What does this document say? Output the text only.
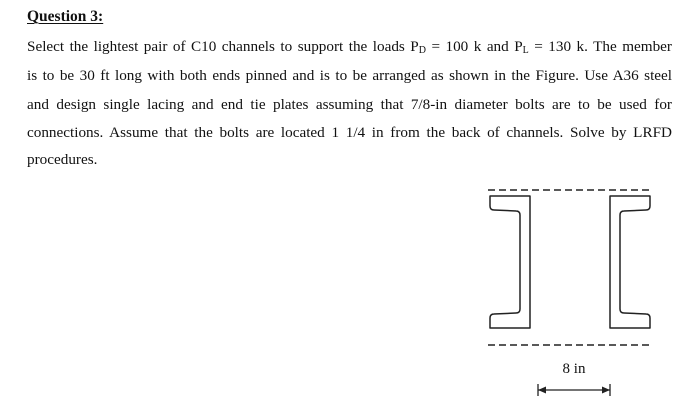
Question 3:
Select the lightest pair of C10 channels to support the loads $P_D = 100$ k and $P_L = 130$ k. The member
is to be 30 ft long with both ends pinned and is to be arranged as shown in the Figure. Use A36 steel
and design single lacing and end tie plates assuming that 7/8-in diameter bolts are to be used for
connections. Assume that the bolts are located 1 1/4 in from the back of channels. Solve by LRFD
procedures.
8 in
